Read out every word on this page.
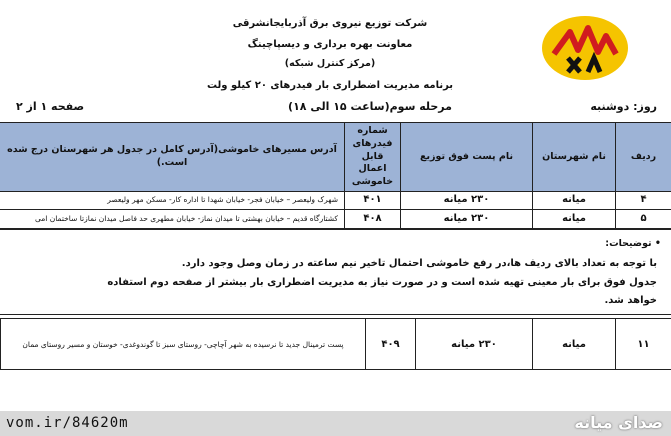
شرکت توزیع نیروی برق آذربایجانشرقی
معاونت بهره برداری و دیسپاچینگ
(مرکز کنترل شبکه)
برنامه مدیریت اضطراری بار فیدرهای ۲۰ کیلو ولت
روز: دوشنبه
مرحله سوم(ساعت ۱۵ الی ۱۸)
صفحه ۱ از ۲
ردیف
نام شهرستان
نام پست فوق توزیع
شماره فیدرهای قابل اعمال خاموشی
آدرس مسیرهای خاموشی(آدرس کامل در جدول هر شهرستان درج شده است.)
۴
میانه
۲۳۰ میانه
۴۰۱
شهرک ولیعصر – خیابان فجر- خیابان شهدا تا اداره کار- مسکن مهر ولیعصر
۵
میانه
۲۳۰ میانه
۴۰۸
کشتارگاه قدیم – خیابان بهشتی تا میدان نماز- خیابان مطهری حد فاصل میدان نمازتا ساختمان امی
• توضیحات:
با توجه به تعداد بالای ردیف ها،در رفع خاموشی احتمال تاخیر نیم ساعته در زمان وصل وجود دارد.
جدول فوق برای بار معینی تهیه شده است و در صورت نیاز به مدیریت اضطراری بار بیشتر از صفحه دوم استفاده
خواهد شد.
۱۱
میانه
۲۳۰ میانه
۴۰۹
پست ترمینال جدید تا نرسیده به شهر آچاچی- روستای سبز تا گوندوغدی- خوستان و مسیر روستای ممان
vom.ir/84620m	صدای میانه
